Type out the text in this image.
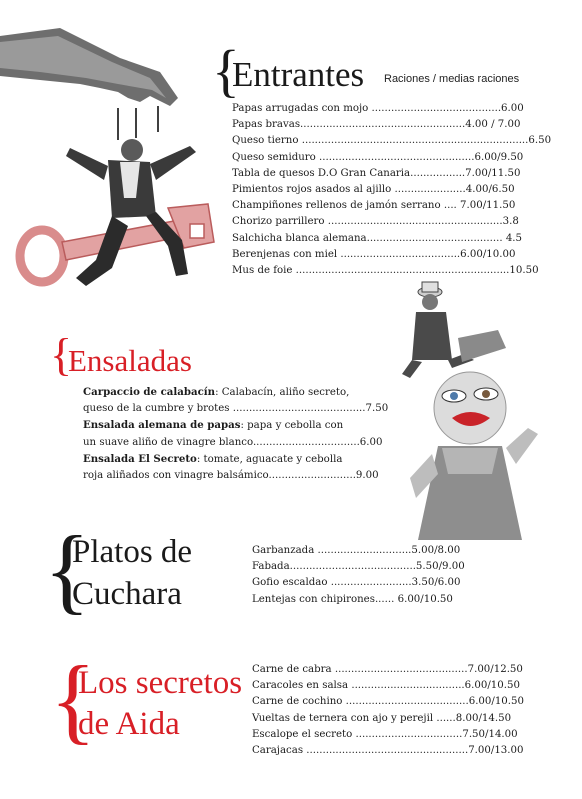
{
Entrantes Raciones / medias raciones

Papas arrugadas con mojo ........................................6.00

Papas bravas...................................................4.00 / 7.00

Queso tierno ......................................................................6.50

Queso semiduro ................................................6.00/9.50

Tabla de quesos D.O Gran Canaria.................7.00/11.50

Pimientos rojos asados al ajillo ......................4.00/6.50

Champiñones rellenos de jamón serrano .... 7.00/11.50

Chorizo parrillero ......................................................3.8

Salchicha blanca alemana.......................................... 4.5

Berenjenas con miel .....................................6.00/10.00

Mus de foie ..................................................................10.50

{
Ensaladas

Carpaccio de calabacín: Calabacín, aliño secreto,

queso de la cumbre y brotes .........................................7.50

Ensalada alemana de papas: papa y cebolla con

un suave aliño de vinagre blanco.................................6.00

Ensalada El Secreto: tomate, aguacate y cebolla

roja aliñados con vinagre balsámico...........................9.00

{
Platos de
Cuchara

Garbanzada .............................5.00/8.00

Fabada.......................................5.50/9.00

Gofio escaldao .........................3.50/6.00

Lentejas con chipirones...... 6.00/10.50

{
Los secretos
de Aida

Carne de cabra .........................................7.00/12.50

Caracoles en salsa ...................................6.00/10.50

Carne de cochino ......................................6.00/10.50

Vueltas de ternera con ajo y perejil ......8.00/14.50

Escalope el secreto .................................7.50/14.00

Carajacas ..................................................7.00/13.00
